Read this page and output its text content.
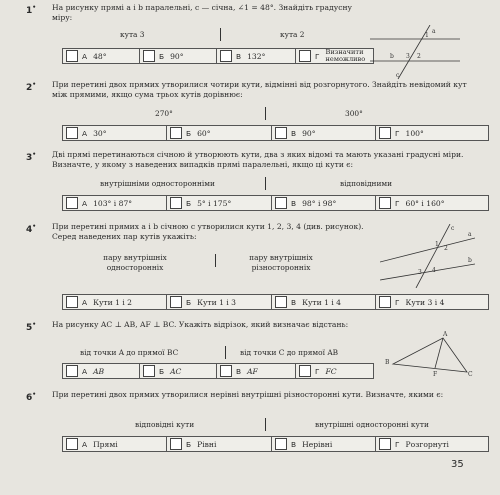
1•	На рисунку прямі a і b паралельні, c — січна, ∠1 = 48°. Знайдіть градусну міру:
кута 3	кута 2
А 48°	Б 90°	В 132°	Г Визначити неможливо
a
b
c
1
2
3
2•	При перетині двох прямих утворилися чотири кути, відмінні від розгорнутого. Знайдіть невідомий кут між прямими, якщо сума трьох кутів дорівнює:
270°	300°
А 30°	Б 60°	В 90°	Г 100°
3•	Дві прямі перетинаються січною й утворюють кути, два з яких відомі та мають указані градусні міри. Визначте, у якому з наведених випадків прямі паралельні, якщо ці кути є:
внутрішніми односторонніми	відповідними
А 103° і 87°	Б 5° і 175°	В 98° і 98°	Г 60° і 160°
4•	При перетині прямих a і b січною c утворилися кути 1, 2, 3, 4 (див. рисунок). Серед наведених пар кутів укажіть:
пару внутрішніх односторонніх
пару внутрішніх різносторонніх
a
b
c
1
2
3 4
А Кути 1 і 2	Б Кути 1 і 3	В Кути 1 і 4	Г Кути 3 і 4
5•	На рисунку AC ⊥ AB, AF ⊥ BC. Укажіть відрізок, який визначає відстань:
від точки A до прямої BC	від точки C до прямої AB
A
B
C
F
А AB	Б AC	В AF	Г FC
6•	При перетині двох прямих утворилися нерівні внутрішні різносторонні кути. Визначте, якими є:
відповідні кути	внутрішні односторонні кути
А Прямі	Б Рівні	В Нерівні	Г Розгорнуті
35
